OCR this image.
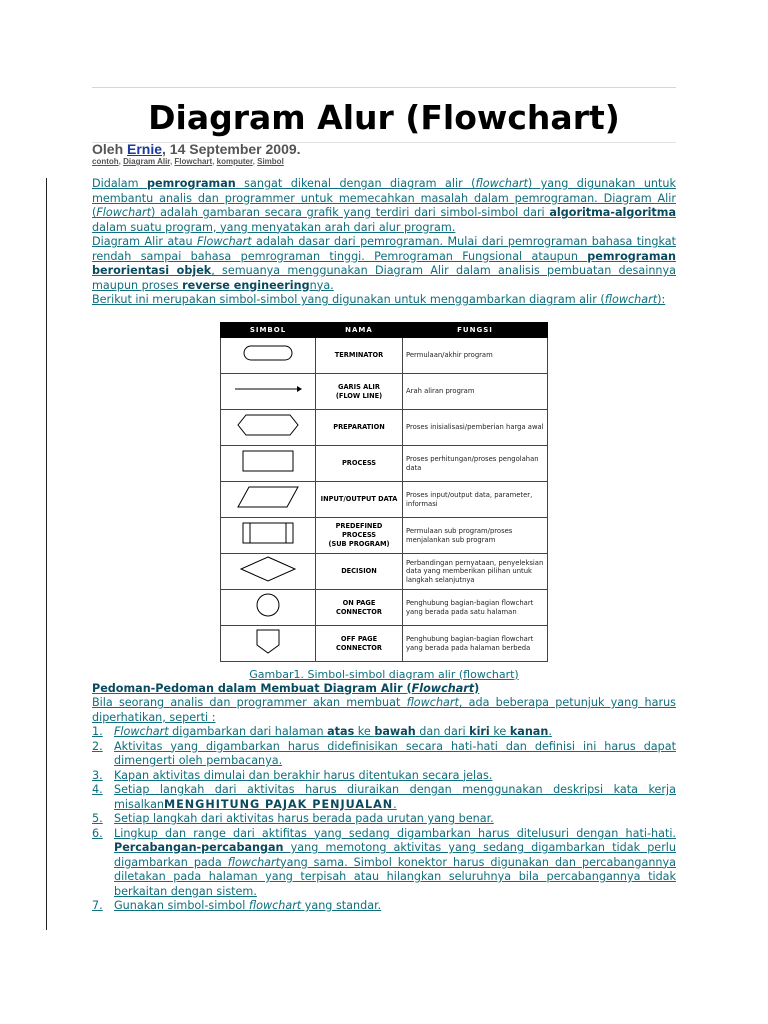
Diagram Alur (Flowchart)
Oleh Ernie, 14 September 2009.
contoh, Diagram Alir, Flowchart, komputer, Simbol

Didalam pemrograman sangat dikenal dengan diagram alir (flowchart) yang digunakan untuk membantu analis dan programmer untuk memecahkan masalah dalam pemrograman. Diagram Alir (Flowchart) adalah gambaran secara grafik yang terdiri dari simbol-simbol dari algoritma-algoritma dalam suatu program, yang menyatakan arah dari alur program.

Diagram Alir atau Flowchart adalah dasar dari pemrograman. Mulai dari pemrograman bahasa tingkat rendah sampai bahasa pemrograman tinggi. Pemrograman Fungsional ataupun pemrograman berorientasi objek, semuanya menggunakan Diagram Alir dalam analisis pembuatan desainnya maupun proses reverse engineeringnya.

Berikut ini merupakan simbol-simbol yang digunakan untuk menggambarkan diagram alir (flowchart):

SIMBOL	NAMA	FUNGSI
	TERMINATOR	Permulaan/akhir program
	GARIS ALIR
(FLOW LINE)	Arah aliran program
	PREPARATION	Proses inisialisasi/pemberian harga awal
	PROCESS	Proses perhitungan/proses pengolahan data
	INPUT/OUTPUT DATA	Proses input/output data, parameter, informasi
	PREDEFINED
PROCESS
(SUB PROGRAM)	Permulaan sub program/proses menjalankan sub program
	DECISION	Perbandingan pernyataan, penyeleksian data yang memberikan pilihan untuk langkah selanjutnya
	ON PAGE
CONNECTOR	Penghubung bagian-bagian flowchart yang berada pada satu halaman
	OFF PAGE
CONNECTOR	Penghubung bagian-bagian flowchart yang berada pada halaman berbeda
Gambar1. Simbol-simbol diagram alir (flowchart)

Pedoman-Pedoman dalam Membuat Diagram Alir (Flowchart)

Bila seorang analis dan programmer akan membuat flowchart, ada beberapa petunjuk yang harus diperhatikan, seperti :

1.	Flowchart digambarkan dari halaman atas ke bawah dan dari kiri ke kanan.
2.	Aktivitas yang digambarkan harus didefinisikan secara hati-hati dan definisi ini harus dapat dimengerti oleh pembacanya.
3.	Kapan aktivitas dimulai dan berakhir harus ditentukan secara jelas.
4.	Setiap langkah dari aktivitas harus diuraikan dengan menggunakan deskripsi kata kerja misalkanMENGHITUNG PAJAK PENJUALAN.
5.	Setiap langkah dari aktivitas harus berada pada urutan yang benar.
6.	Lingkup dan range dari aktifitas yang sedang digambarkan harus ditelusuri dengan hati-hati. Percabangan-percabangan yang memotong aktivitas yang sedang digambarkan tidak perlu digambarkan pada flowchartyang sama. Simbol konektor harus digunakan dan percabangannya diletakan pada halaman yang terpisah atau hilangkan seluruhnya bila percabangannya tidak berkaitan dengan sistem.
7.	Gunakan simbol-simbol flowchart yang standar.
